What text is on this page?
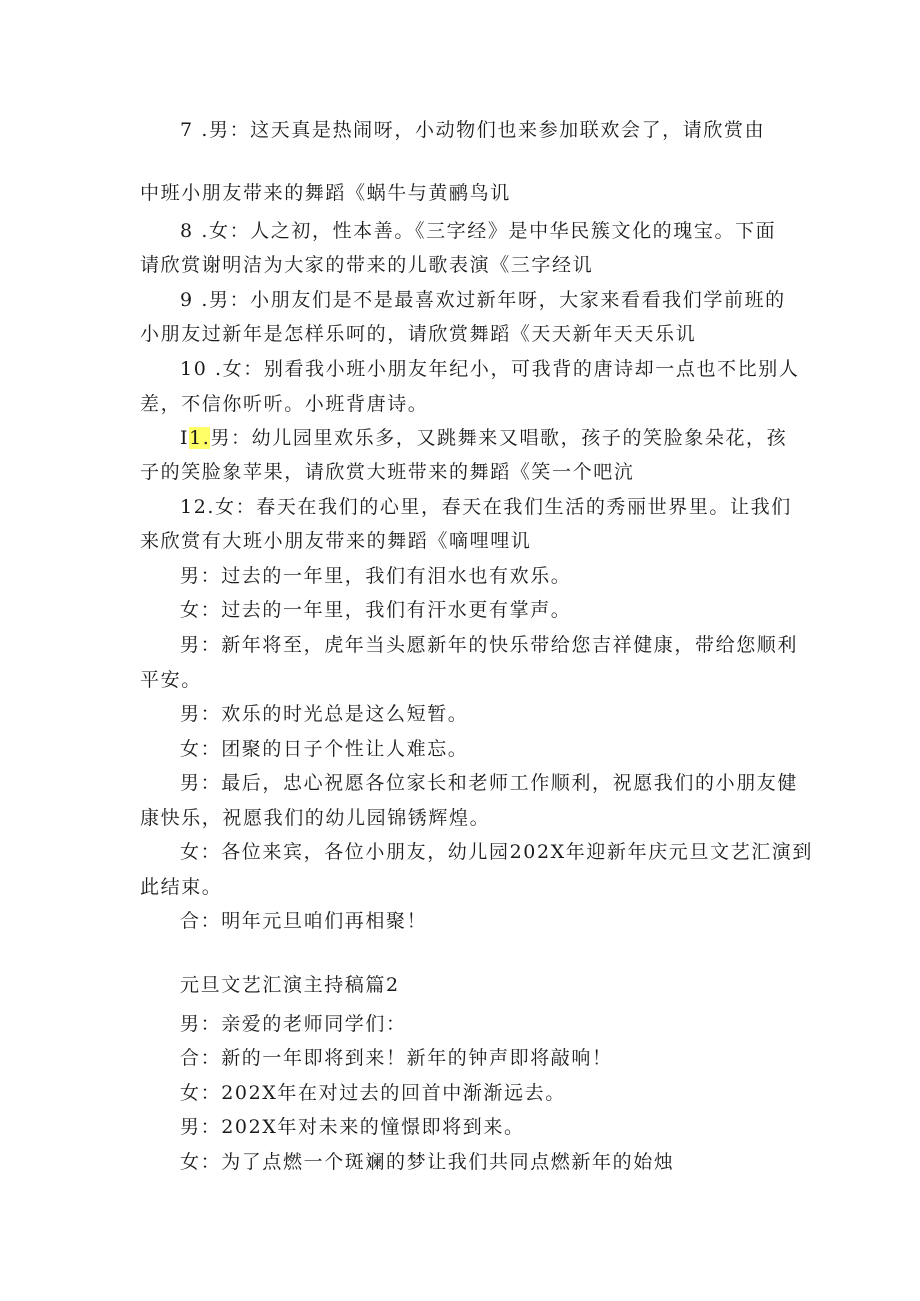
7 .男：这天真是热闹呀，小动物们也来参加联欢会了，请欣赏由
中班小朋友带来的舞蹈《蜗牛与黄鹂鸟讥
8 .女：人之初，性本善。《三字经》是中华民簇文化的瑰宝。下面
请欣赏谢明洁为大家的带来的儿歌表演《三字经讥
9 .男：小朋友们是不是最喜欢过新年呀，大家来看看我们学前班的
小朋友过新年是怎样乐呵的，请欣赏舞蹈《天天新年天天乐讥
10 .女：别看我小班小朋友年纪小，可我背的唐诗却一点也不比别人
差，不信你听听。小班背唐诗。
I1.男：幼儿园里欢乐多，又跳舞来又唱歌，孩子的笑脸象朵花，孩
子的笑脸象苹果，请欣赏大班带来的舞蹈《笑一个吧沆
12.女：春天在我们的心里，春天在我们生活的秀丽世界里。让我们
来欣赏有大班小朋友带来的舞蹈《嘀哩哩讥
男：过去的一年里，我们有泪水也有欢乐。
女：过去的一年里，我们有汗水更有掌声。
男：新年将至，虎年当头愿新年的快乐带给您吉祥健康，带给您顺利
平安。
男：欢乐的时光总是这么短暂。
女：团聚的日子个性让人难忘。
男：最后，忠心祝愿各位家长和老师工作顺利，祝愿我们的小朋友健
康快乐，祝愿我们的幼儿园锦锈辉煌。
女：各位来宾，各位小朋友，幼儿园202X年迎新年庆元旦文艺汇演到
此结束。
合：明年元旦咱们再相聚！
元旦文艺汇演主持稿篇2
男：亲爱的老师同学们：
合：新的一年即将到来！新年的钟声即将敲响！
女：202X年在对过去的回首中渐渐远去。
男：202X年对未来的憧憬即将到来。
女：为了点燃一个斑斓的梦让我们共同点燃新年的始烛
